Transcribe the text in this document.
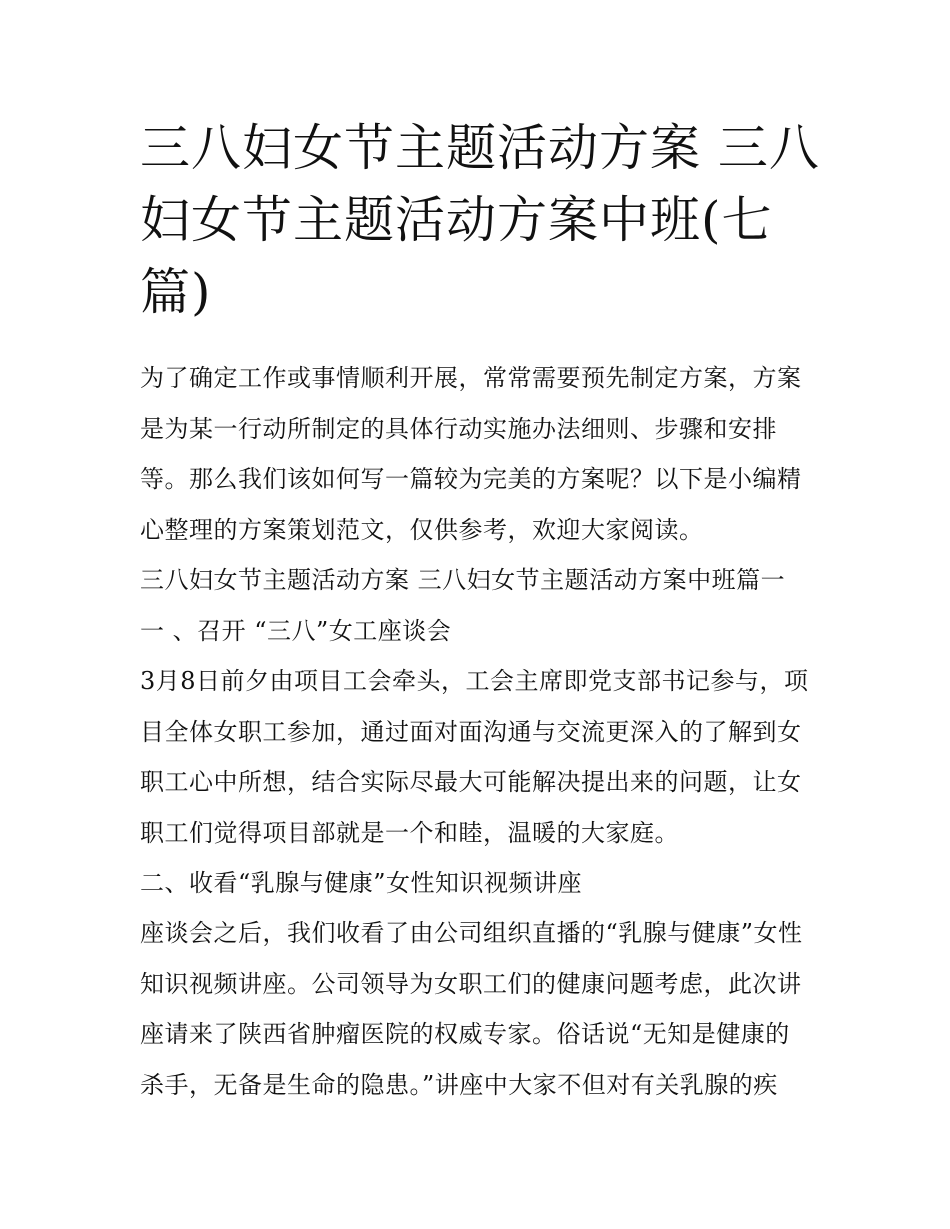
三八妇女节主题活动方案 三八妇女节主题活动方案中班(七篇)

为了确定工作或事情顺利开展，常常需要预先制定方案，方案是为某一行动所制定的具体行动实施办法细则、步骤和安排等。那么我们该如何写一篇较为完美的方案呢？以下是小编精心整理的方案策划范文，仅供参考，欢迎大家阅读。

三八妇女节主题活动方案 三八妇女节主题活动方案中班篇一

一 、召开 “三八”女工座谈会

3月8日前夕由项目工会牵头，工会主席即党支部书记参与，项目全体女职工参加，通过面对面沟通与交流更深入的了解到女职工心中所想，结合实际尽最大可能解决提出来的问题，让女职工们觉得项目部就是一个和睦，温暖的大家庭。

二、收看“乳腺与健康”女性知识视频讲座

座谈会之后，我们收看了由公司组织直播的“乳腺与健康”女性知识视频讲座。公司领导为女职工们的健康问题考虑，此次讲座请来了陕西省肿瘤医院的权威专家。俗话说“无知是健康的杀手，无备是生命的隐患。”讲座中大家不但对有关乳腺的疾
